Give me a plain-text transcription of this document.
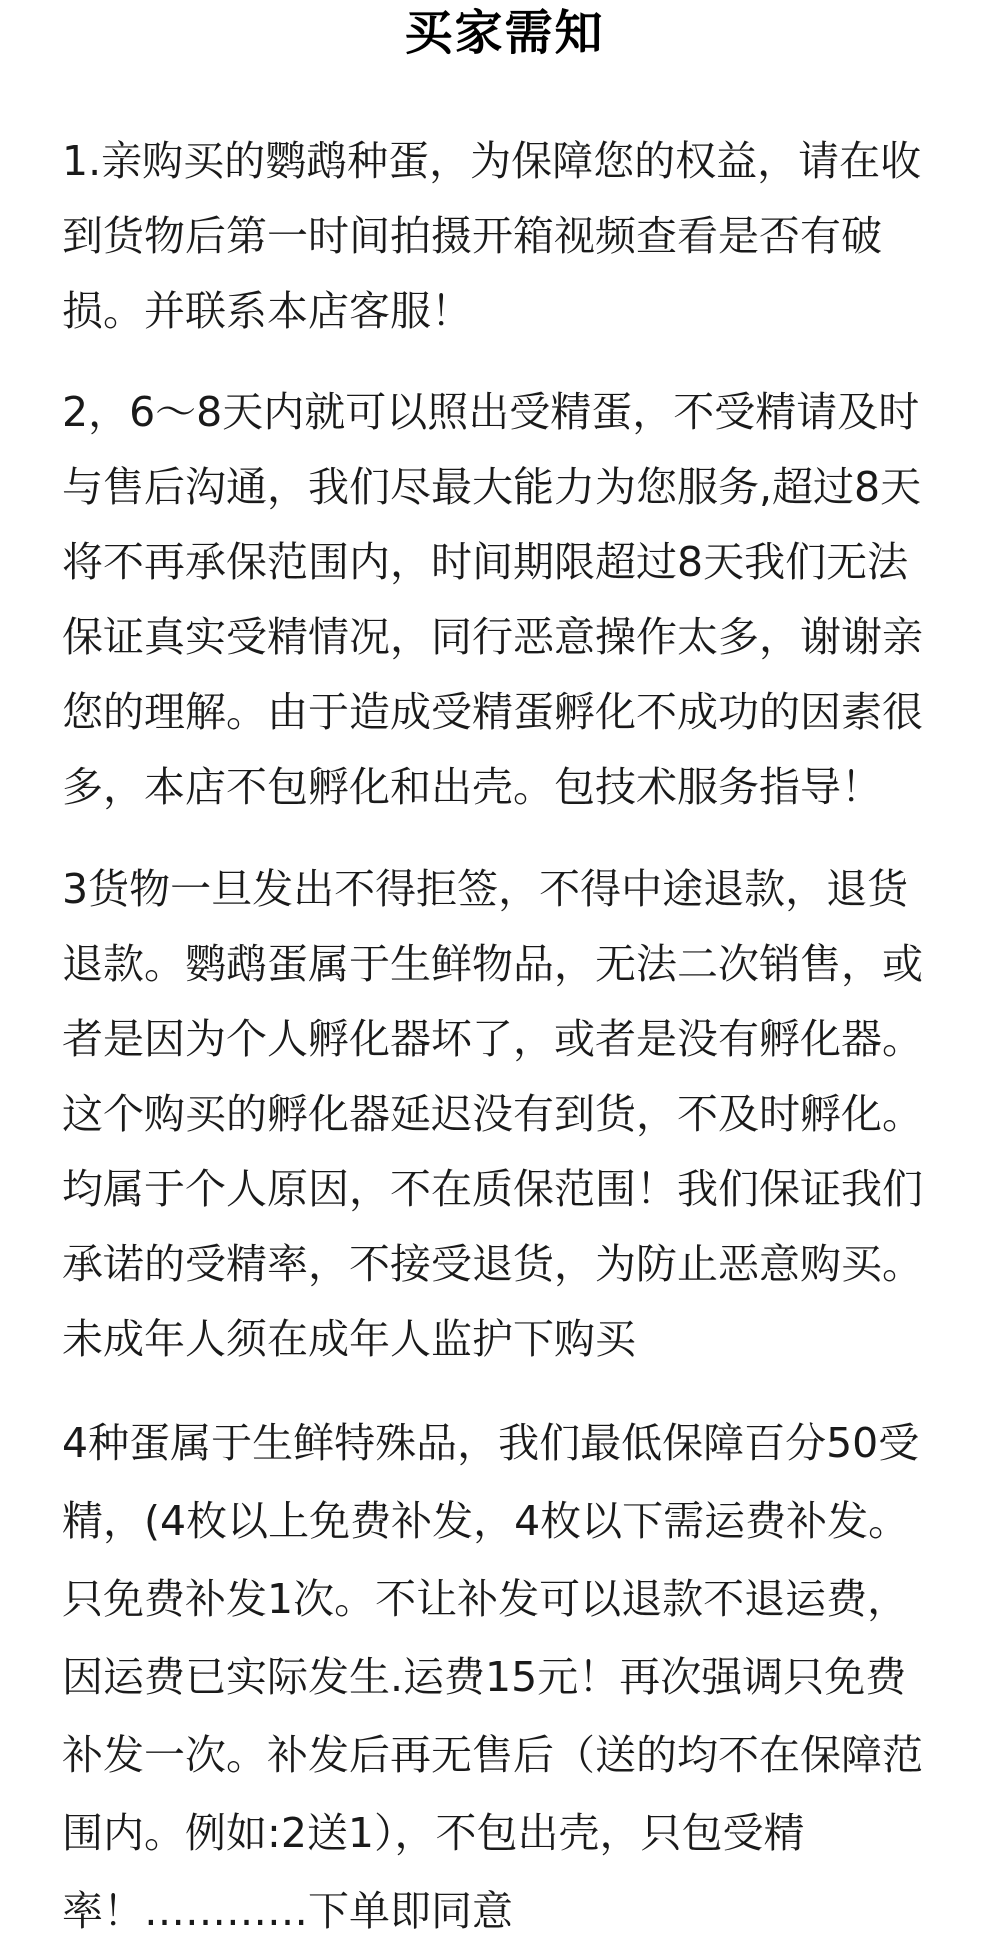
买家需知

1.亲购买的鹦鹉种蛋，为保障您的权益，请在收
到货物后第一时间拍摄开箱视频查看是否有破
损。并联系本店客服！

2，6～8天内就可以照出受精蛋，不受精请及时
与售后沟通，我们尽最大能力为您服务,超过8天
将不再承保范围内，时间期限超过8天我们无法
保证真实受精情况，同行恶意操作太多，谢谢亲
您的理解。由于造成受精蛋孵化不成功的因素很
多，本店不包孵化和出壳。包技术服务指导！

3货物一旦发出不得拒签，不得中途退款，退货
退款。鹦鹉蛋属于生鲜物品，无法二次销售，或
者是因为个人孵化器坏了，或者是没有孵化器。
这个购买的孵化器延迟没有到货，不及时孵化。
均属于个人原因，不在质保范围！我们保证我们
承诺的受精率，不接受退货，为防止恶意购买。
未成年人须在成年人监护下购买

4种蛋属于生鲜特殊品，我们最低保障百分50受
精，(4枚以上免费补发，4枚以下需运费补发。
只免费补发1次。不让补发可以退款不退运费，
因运费已实际发生.运费15元！再次强调只免费
补发一次。补发后再无售后（送的均不在保障范
围内。例如:2送1），不包出壳，只包受精
率！…………下单即同意
